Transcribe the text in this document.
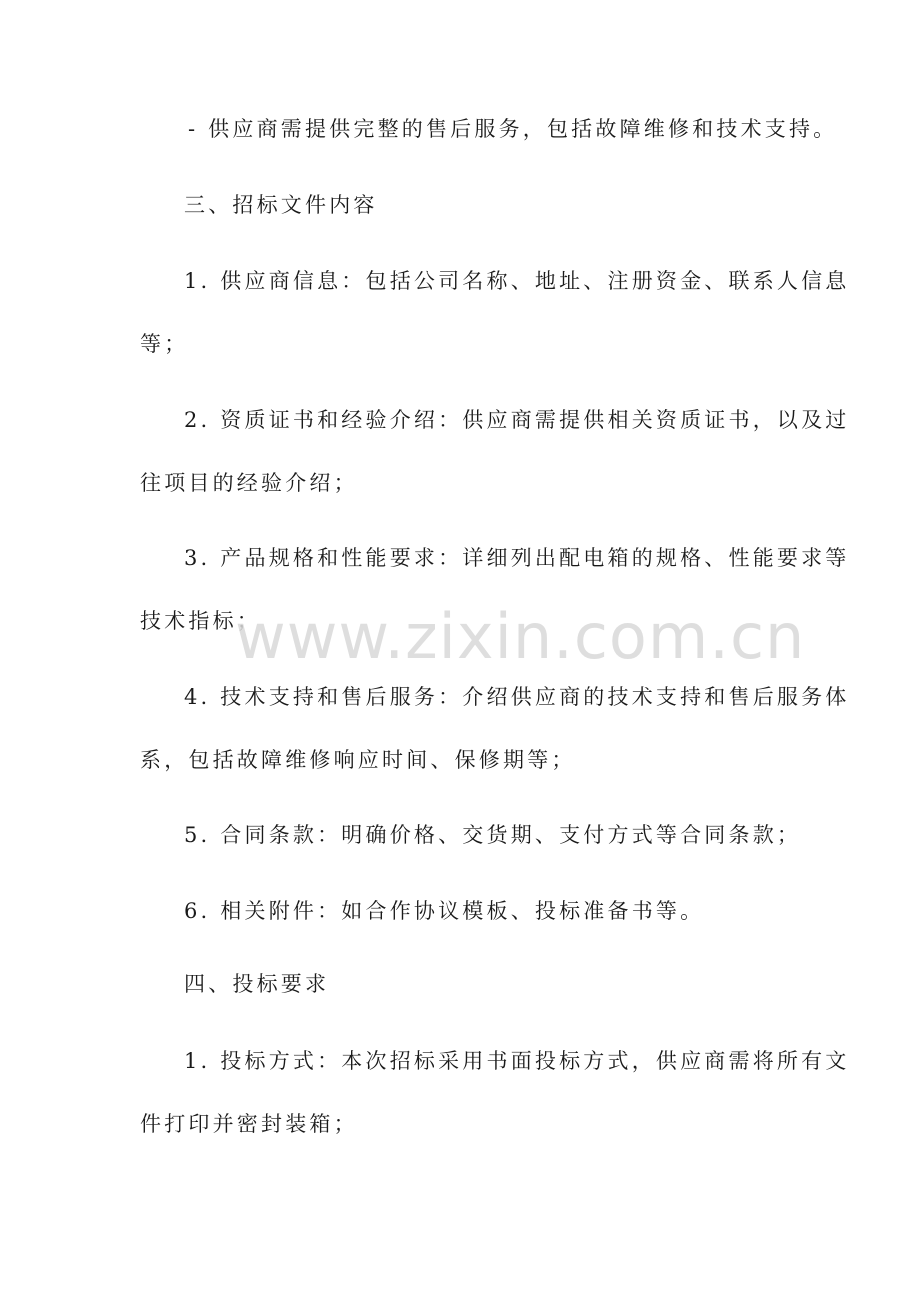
- 供应商需提供完整的售后服务，包括故障维修和技术支持。
三、招标文件内容
1. 供应商信息：包括公司名称、地址、注册资金、联系人信息
等；
2. 资质证书和经验介绍：供应商需提供相关资质证书，以及过
往项目的经验介绍；
3. 产品规格和性能要求：详细列出配电箱的规格、性能要求等
技术指标；
4. 技术支持和售后服务：介绍供应商的技术支持和售后服务体
系，包括故障维修响应时间、保修期等；
5. 合同条款：明确价格、交货期、支付方式等合同条款；
6. 相关附件：如合作协议模板、投标准备书等。
四、投标要求
1. 投标方式：本次招标采用书面投标方式，供应商需将所有文
件打印并密封装箱；
www.zixin.com.cn
